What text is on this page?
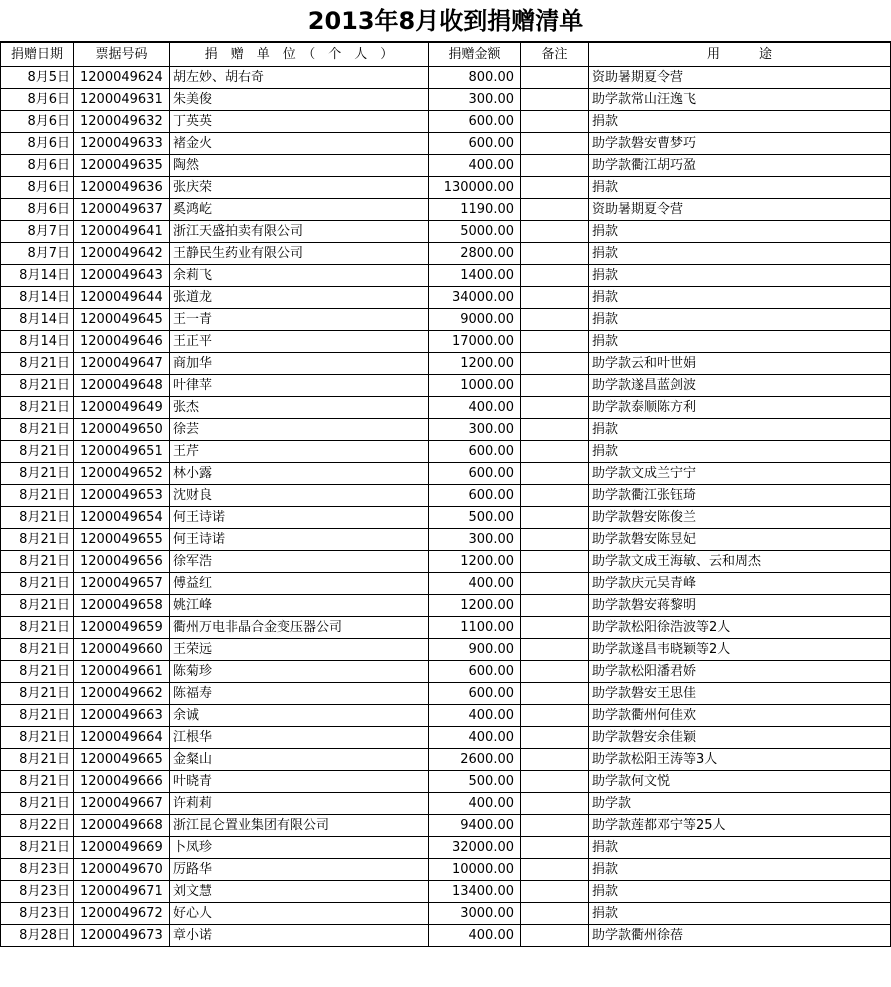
2013年8月收到捐赠清单
捐赠日期	票据号码	捐　赠　单　位　（　个　人　）	捐赠金额	备注	用　　　途
8月5日	1200049624	胡左妙、胡右奇	800.00		资助暑期夏令营
8月6日	1200049631	朱美俊	300.00		助学款常山汪逸飞
8月6日	1200049632	丁英英	600.00		捐款
8月6日	1200049633	褚金火	600.00		助学款磐安曹梦巧
8月6日	1200049635	陶然	400.00		助学款衢江胡巧盈
8月6日	1200049636	张庆荣	130000.00		捐款
8月6日	1200049637	奚鸿屹	1190.00		资助暑期夏令营
8月7日	1200049641	浙江天盛拍卖有限公司	5000.00		捐款
8月7日	1200049642	王静民生药业有限公司	2800.00		捐款
8月14日	1200049643	余莉飞	1400.00		捐款
8月14日	1200049644	张道龙	34000.00		捐款
8月14日	1200049645	王一青	9000.00		捐款
8月14日	1200049646	王正平	17000.00		捐款
8月21日	1200049647	商加华	1200.00		助学款云和叶世娟
8月21日	1200049648	叶律苹	1000.00		助学款遂昌蓝剑波
8月21日	1200049649	张杰	400.00		助学款泰顺陈方利
8月21日	1200049650	徐芸	300.00		捐款
8月21日	1200049651	王芹	600.00		捐款
8月21日	1200049652	林小露	600.00		助学款文成兰宁宁
8月21日	1200049653	沈财良	600.00		助学款衢江张钰琦
8月21日	1200049654	何王诗诺	500.00		助学款磐安陈俊兰
8月21日	1200049655	何王诗诺	300.00		助学款磐安陈昱妃
8月21日	1200049656	徐军浩	1200.00		助学款文成王海敏、云和周杰
8月21日	1200049657	傅益红	400.00		助学款庆元吴青峰
8月21日	1200049658	姚江峰	1200.00		助学款磐安蒋黎明
8月21日	1200049659	衢州万电非晶合金变压器公司	1100.00		助学款松阳徐浩波等2人
8月21日	1200049660	王荣远	900.00		助学款遂昌韦晓颖等2人
8月21日	1200049661	陈菊珍	600.00		助学款松阳潘君娇
8月21日	1200049662	陈福寿	600.00		助学款磐安王思佳
8月21日	1200049663	余诚	400.00		助学款衢州何佳欢
8月21日	1200049664	江根华	400.00		助学款磐安余佳颖
8月21日	1200049665	金粲山	2600.00		助学款松阳王涛等3人
8月21日	1200049666	叶晓青	500.00		助学款何文悦
8月21日	1200049667	许莉莉	400.00		助学款
8月22日	1200049668	浙江昆仑置业集团有限公司	9400.00		助学款莲都邓宁等25人
8月21日	1200049669	卜凤珍	32000.00		捐款
8月23日	1200049670	厉路华	10000.00		捐款
8月23日	1200049671	刘文慧	13400.00		捐款
8月23日	1200049672	好心人	3000.00		捐款
8月28日	1200049673	章小诺	400.00		助学款衢州徐蓓
